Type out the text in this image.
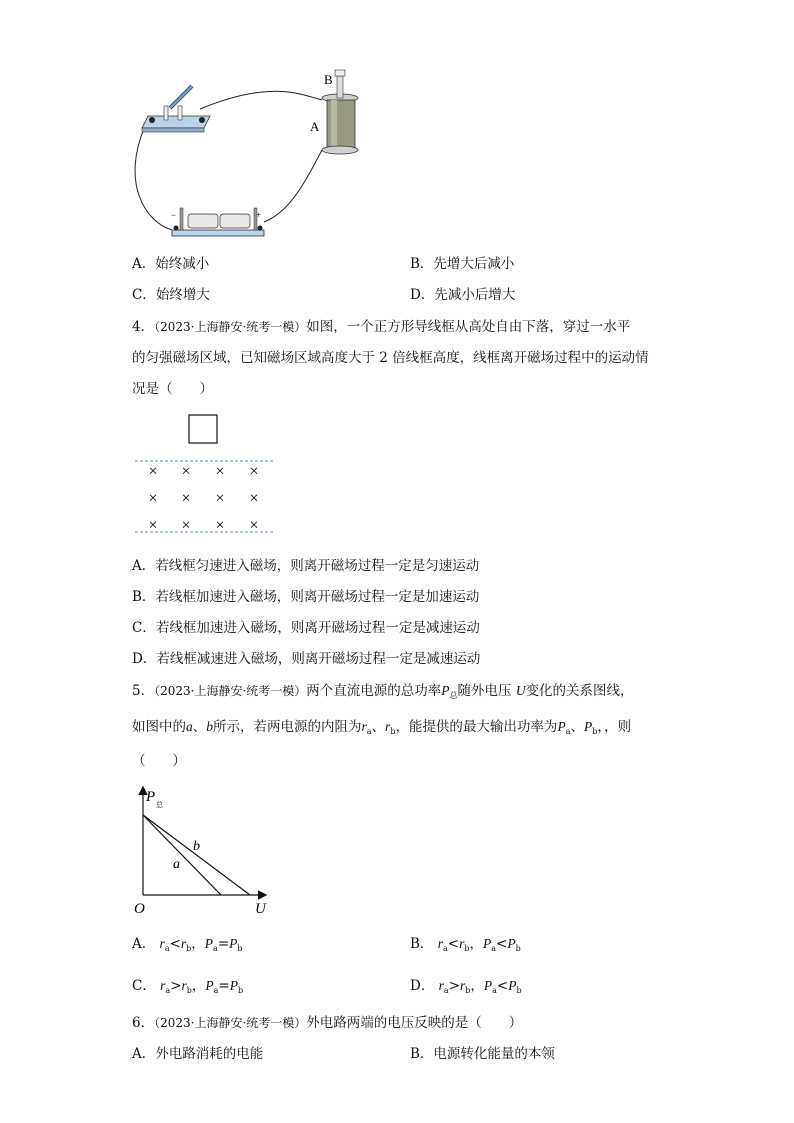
B
A
−	+
A．始终减小	B．先增大后减小
C．始终增大	D．先减小后增大
4．（2023·上海静安·统考一模）如图，一个正方形导线框从高处自由下落，穿过一水平
的匀强磁场区域，已知磁场区域高度大于 2 倍线框高度，线框离开磁场过程中的运动情
况是（　　）
× × × ×
× × × ×
× × × ×
A．若线框匀速进入磁场，则离开磁场过程一定是匀速运动
B．若线框加速进入磁场，则离开磁场过程一定是加速运动
C．若线框加速进入磁场，则离开磁场过程一定是减速运动
D．若线框减速进入磁场，则离开磁场过程一定是减速运动
5．（2023·上海静安·统考一模）两个直流电源的总功率$P_总$随外电压 U变化的关系图线，
如图中的a、b所示，若两电源的内阻为$r_a$、$r_b$，能提供的最大输出功率为$P_a$、$P_b$，，则
（　　）
P 总
U
O
a
b
A． $r_a<r_b$，$P_a=P_b$	B． $r_a<r_b$，$P_a<P_b$
C． $r_a>r_b$，$P_a=P_b$	D． $r_a>r_b$，$P_a<P_b$
6．（2023·上海静安·统考一模）外电路两端的电压反映的是（　　）
A．外电路消耗的电能	B．电源转化能量的本领
